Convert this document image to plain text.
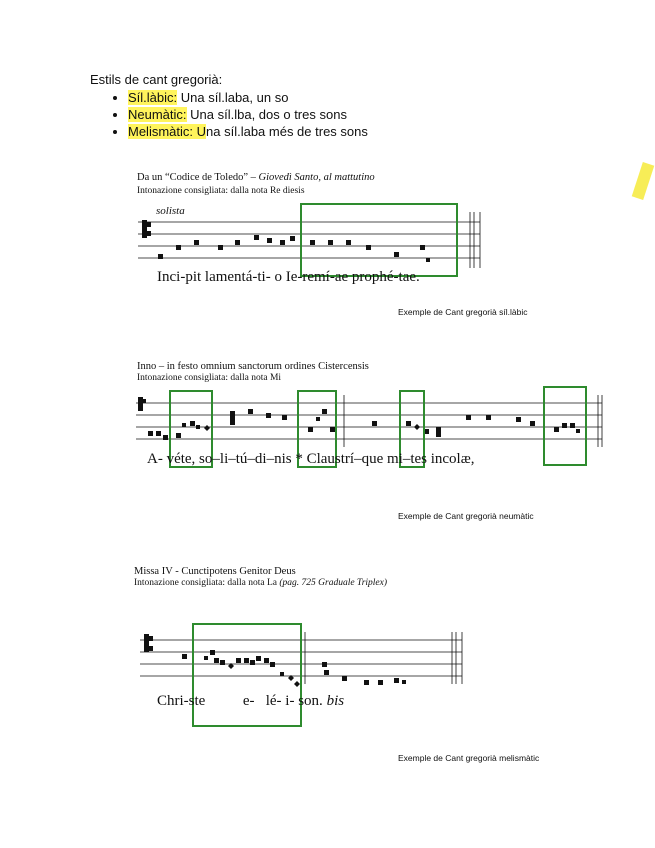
Estils de cant gregorià:
• Síl.làbic: Una síl.laba, un so
• Neumàtic: Una síl.lba, dos o tres sons
• Melismàtic: Una síl.laba més de tres sons
Da un “Codice de Toledo” – Giovedì Santo, al mattutino
Intonazione consigliata: dalla nota Re diesis
solista
Inci-pit lamentá-ti- o Ie-remí-ae prophé-tae.
Exemple de Cant gregorià síl.làbic
Inno – in festo omnium sanctorum ordines Cistercensis
Intonazione consigliata: dalla nota Mi
A- véte, so–li–tú–di–nis * Claustrí–que mi–tes incolæ,
Exemple de Cant gregorià neumàtic
Missa IV - Cunctipotens Genitor Deus
Intonazione consigliata: dalla nota La (pag. 725 Graduale Triplex)
Chri-ste          e-   lé- i- son. bis
Exemple de Cant gregorià melismàtic
